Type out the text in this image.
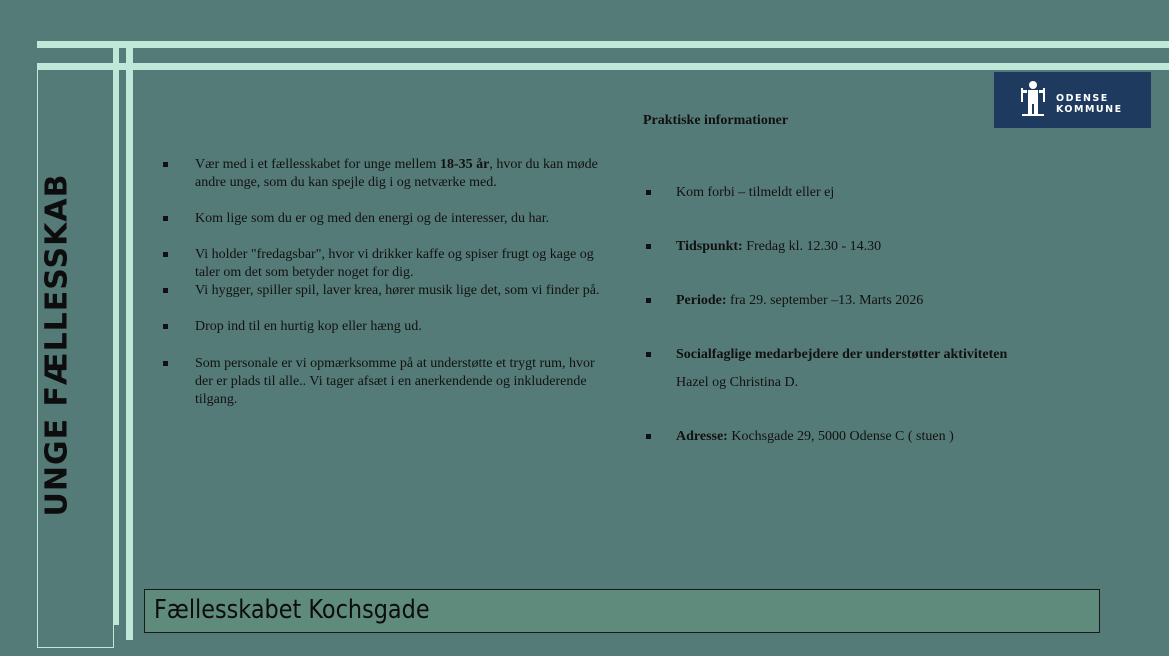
UNGE FÆLLESSKAB
ODENSE
KOMMUNE
Vær med i et fællesskabet for unge mellem 18-35 år, hvor du kan møde andre unge, som du kan spejle dig i og netværke med.
Kom lige som du er og med den energi og de interesser, du har.
Vi holder "fredagsbar", hvor vi drikker kaffe og spiser frugt og kage og taler om det som betyder noget for dig.
Vi hygger, spiller spil, laver krea, hører musik lige det, som vi finder på.
Drop ind til en hurtig kop eller hæng ud.
Som personale er vi opmærksomme på at understøtte et trygt rum, hvor der er plads til alle.. Vi tager afsæt i en anerkendende og inkluderende tilgang.
Praktiske informationer
Kom forbi – tilmeldt eller ej
Tidspunkt: Fredag kl. 12.30 - 14.30
Periode: fra 29. september –13. Marts 2026
Socialfaglige medarbejdere der understøtter aktiviteten
Hazel og Christina D.
Adresse: Kochsgade 29, 5000 Odense C ( stuen )
Fællesskabet Kochsgade
